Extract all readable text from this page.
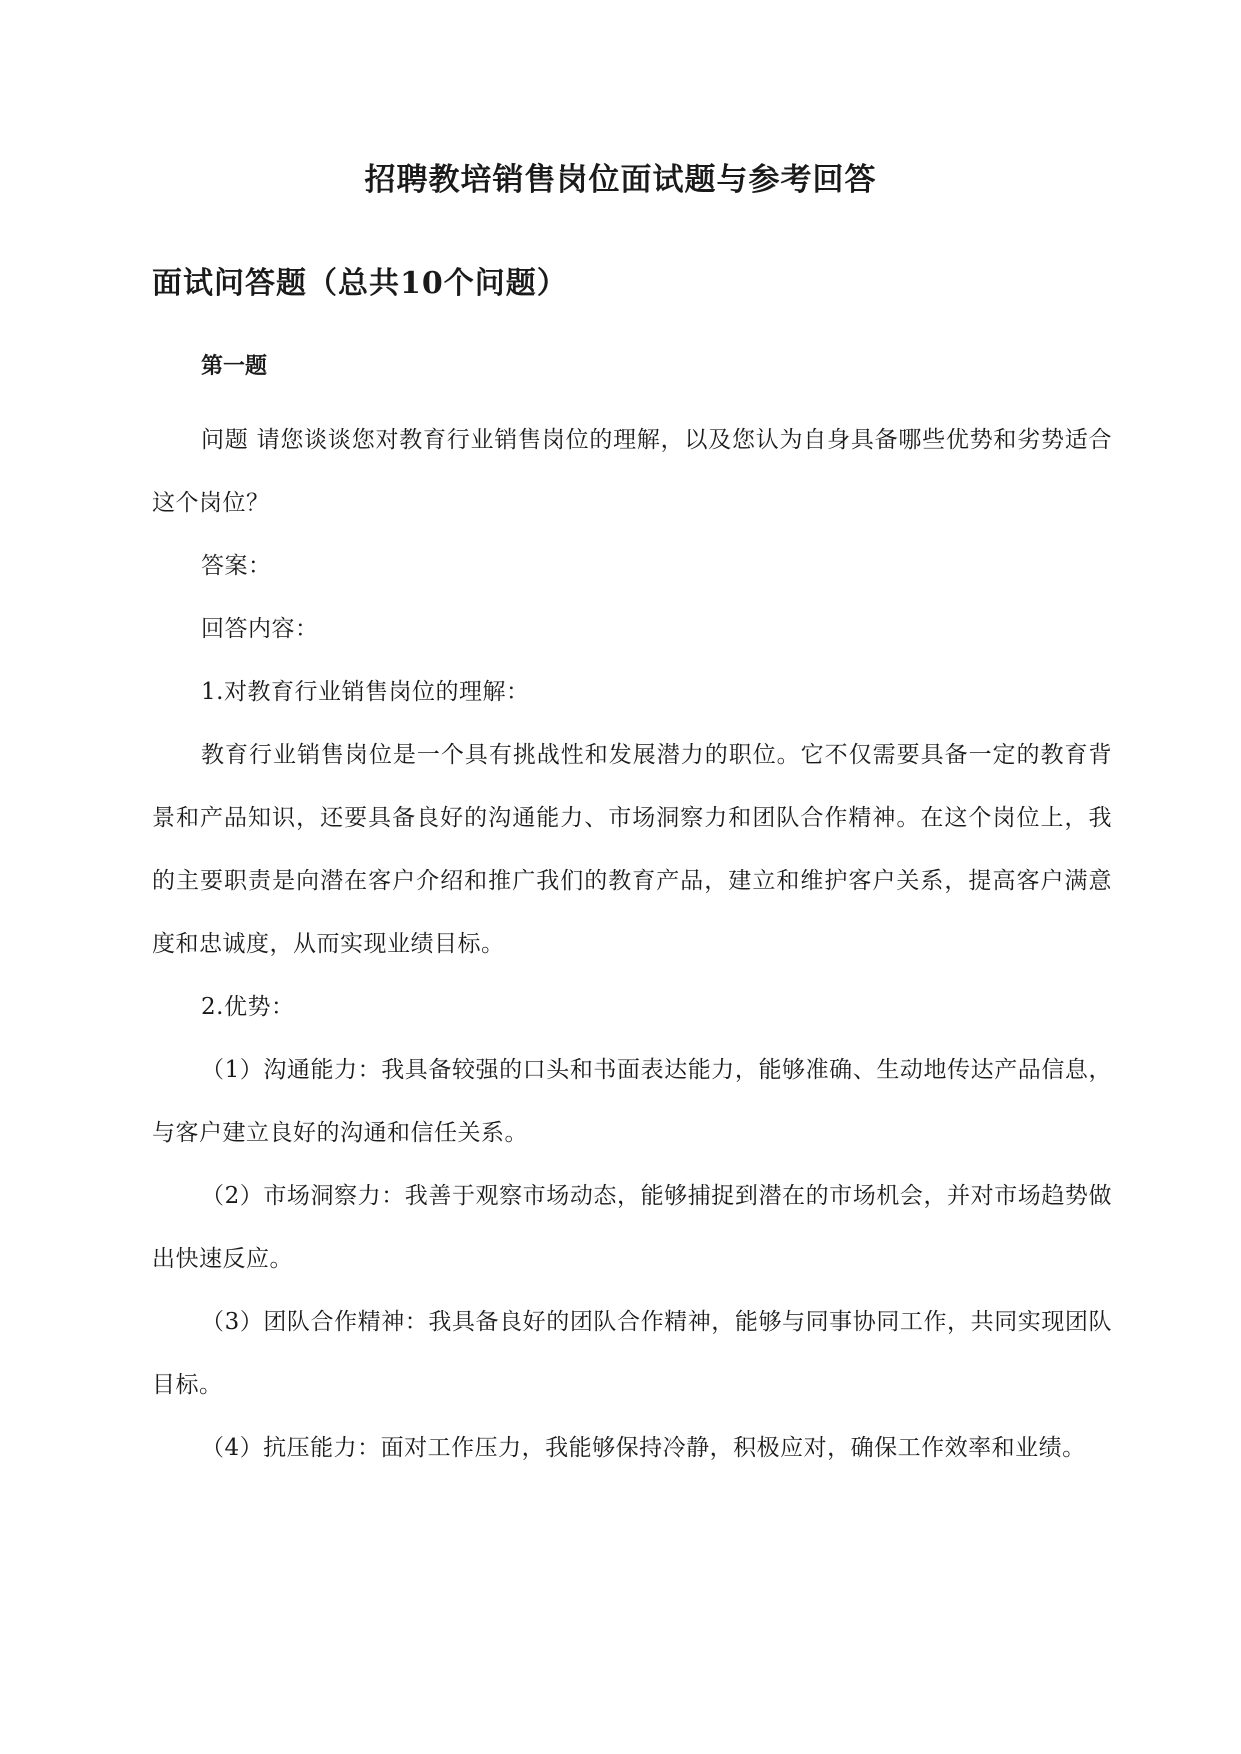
招聘教培销售岗位面试题与参考回答
面试问答题（总共10个问题）
第一题

问题 请您谈谈您对教育行业销售岗位的理解，以及您认为自身具备哪些优势和劣势适合这个岗位？

答案：

回答内容：

1.对教育行业销售岗位的理解：

教育行业销售岗位是一个具有挑战性和发展潜力的职位。它不仅需要具备一定的教育背景和产品知识，还要具备良好的沟通能力、市场洞察力和团队合作精神。在这个岗位上，我的主要职责是向潜在客户介绍和推广我们的教育产品，建立和维护客户关系，提高客户满意度和忠诚度，从而实现业绩目标。

2.优势：

（1）沟通能力：我具备较强的口头和书面表达能力，能够准确、生动地传达产品信息，与客户建立良好的沟通和信任关系。

（2）市场洞察力：我善于观察市场动态，能够捕捉到潜在的市场机会，并对市场趋势做出快速反应。

（3）团队合作精神：我具备良好的团队合作精神，能够与同事协同工作，共同实现团队目标。

（4）抗压能力：面对工作压力，我能够保持冷静，积极应对，确保工作效率和业绩。
